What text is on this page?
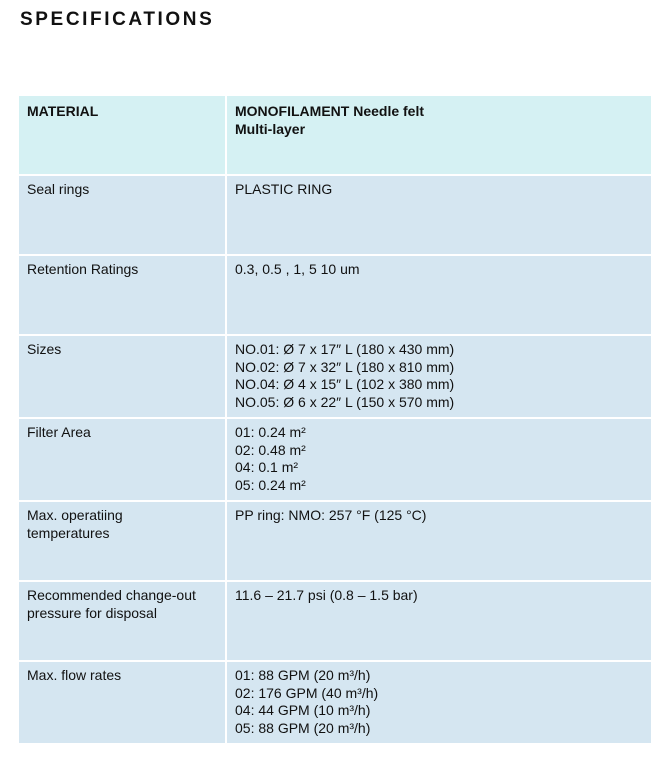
SPECIFICATIONS
MATERIAL	MONOFILAMENT Needle felt
Multi-layer

Seal rings	PLASTIC RING

Retention Ratings	0.3, 0.5 , 1, 5 10 um

Sizes	NO.01: Ø 7 x 17″ L (180 x 430 mm)
NO.02: Ø 7 x 32″ L (180 x 810 mm)
NO.04: Ø 4 x 15″ L (102 x 380 mm)
NO.05: Ø 6 x 22″ L (150 x 570 mm)

Filter Area	01: 0.24 m²
02: 0.48 m²
04: 0.1 m²
05: 0.24 m²

Max. operatiing
temperatures	PP ring: NMO: 257 °F (125 °C)

Recommended change-out
pressure for disposal	11.6 – 21.7 psi (0.8 – 1.5 bar)

Max. flow rates	01: 88 GPM (20 m³/h)
02: 176 GPM (40 m³/h)
04: 44 GPM (10 m³/h)
05: 88 GPM (20 m³/h)
